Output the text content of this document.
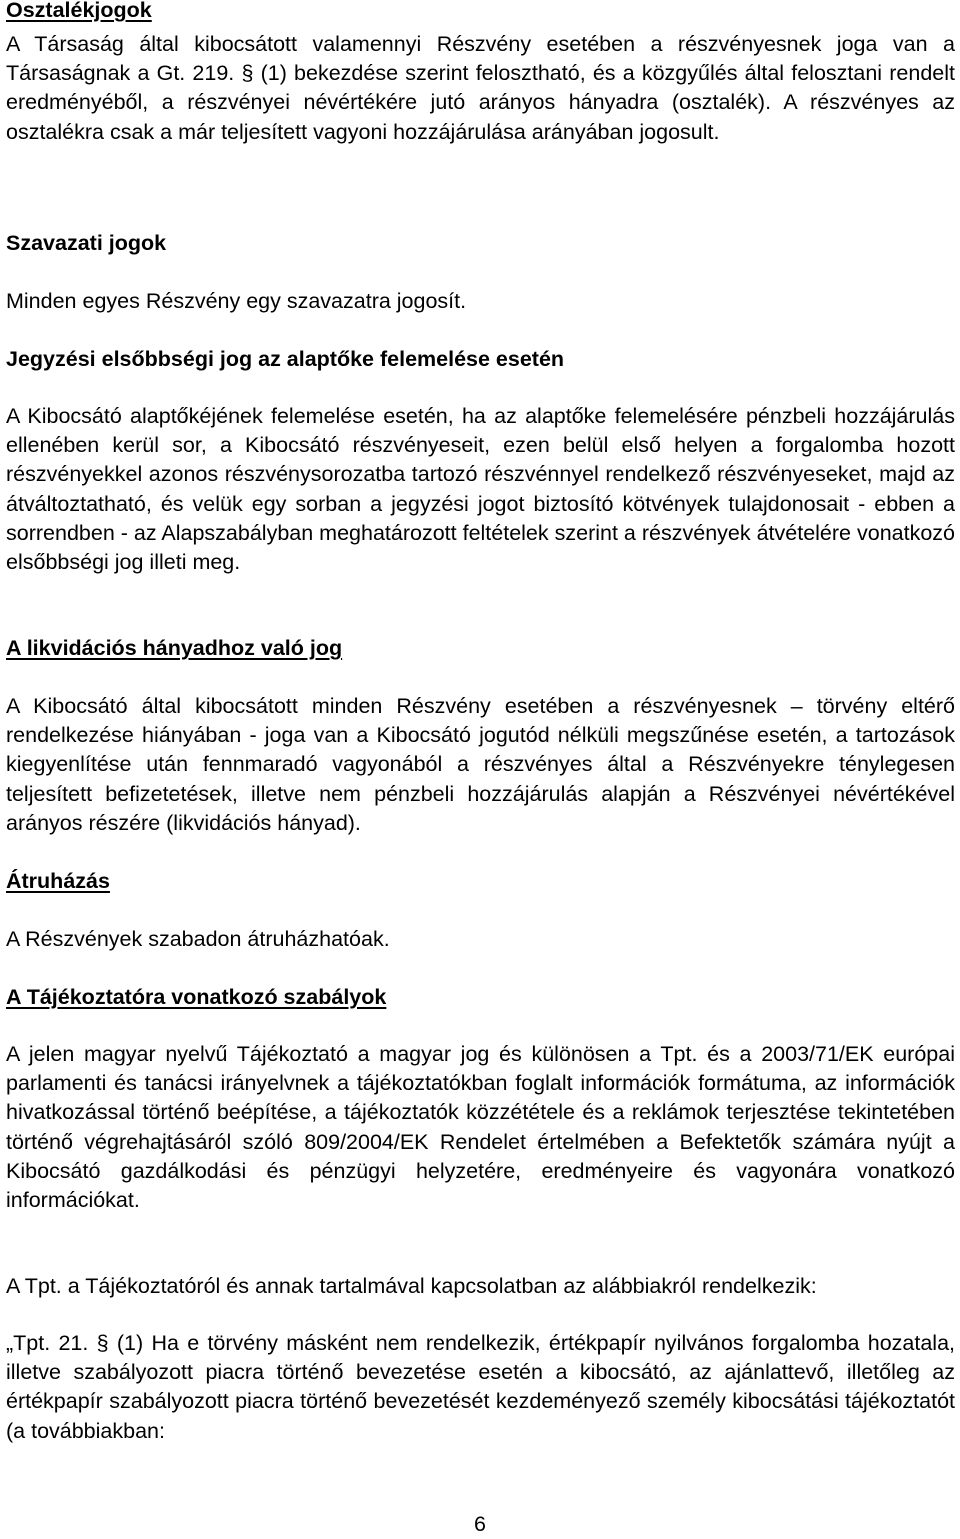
Osztalékjogok

A Társaság által kibocsátott valamennyi Részvény esetében a részvényesnek joga van a Társaságnak a Gt. 219. § (1) bekezdése szerint felosztható, és a közgyűlés által felosztani rendelt eredményéből, a részvényei névértékére jutó arányos hányadra (osztalék). A részvényes az osztalékra csak a már teljesített vagyoni hozzájárulása arányában jogosult.

Szavazati jogok

Minden egyes Részvény egy szavazatra jogosít.

Jegyzési elsőbbségi jog az alaptőke felemelése esetén

A Kibocsátó alaptőkéjének felemelése esetén, ha az alaptőke felemelésére pénzbeli hozzájárulás ellenében kerül sor, a Kibocsátó részvényeseit, ezen belül első helyen a forgalomba hozott részvényekkel azonos részvénysorozatba tartozó részvénnyel rendelkező részvényeseket, majd az átváltoztatható, és velük egy sorban a jegyzési jogot biztosító kötvények tulajdonosait - ebben a sorrendben - az Alapszabályban meghatározott feltételek szerint a részvények átvételére vonatkozó elsőbbségi jog illeti meg.

A likvidációs hányadhoz való jog

A Kibocsátó által kibocsátott minden Részvény esetében a részvényesnek – törvény eltérő rendelkezése hiányában - joga van a Kibocsátó jogutód nélküli megszűnése esetén, a tartozások kiegyenlítése után fennmaradó vagyonából a részvényes által a Részvényekre ténylegesen teljesített befizetetések, illetve nem pénzbeli hozzájárulás alapján a Részvényei névértékével arányos részére (likvidációs hányad).

Átruházás

A Részvények szabadon átruházhatóak.

A Tájékoztatóra vonatkozó szabályok

A jelen magyar nyelvű Tájékoztató a magyar jog és különösen a Tpt. és a 2003/71/EK európai parlamenti és tanácsi irányelvnek a tájékoztatókban foglalt információk formátuma, az információk hivatkozással történő beépítése, a tájékoztatók közzététele és a reklámok terjesztése tekintetében történő végrehajtásáról szóló 809/2004/EK Rendelet értelmében a Befektetők számára nyújt a Kibocsátó gazdálkodási és pénzügyi helyzetére, eredményeire és vagyonára vonatkozó információkat.

A Tpt. a Tájékoztatóról és annak tartalmával kapcsolatban az alábbiakról rendelkezik:

„Tpt. 21. § (1) Ha e törvény másként nem rendelkezik, értékpapír nyilvános forgalomba hozatala, illetve szabályozott piacra történő bevezetése esetén a kibocsátó, az ajánlattevő, illetőleg az értékpapír szabályozott piacra történő bevezetését kezdeményező személy kibocsátási tájékoztatót (a továbbiakban:

6
